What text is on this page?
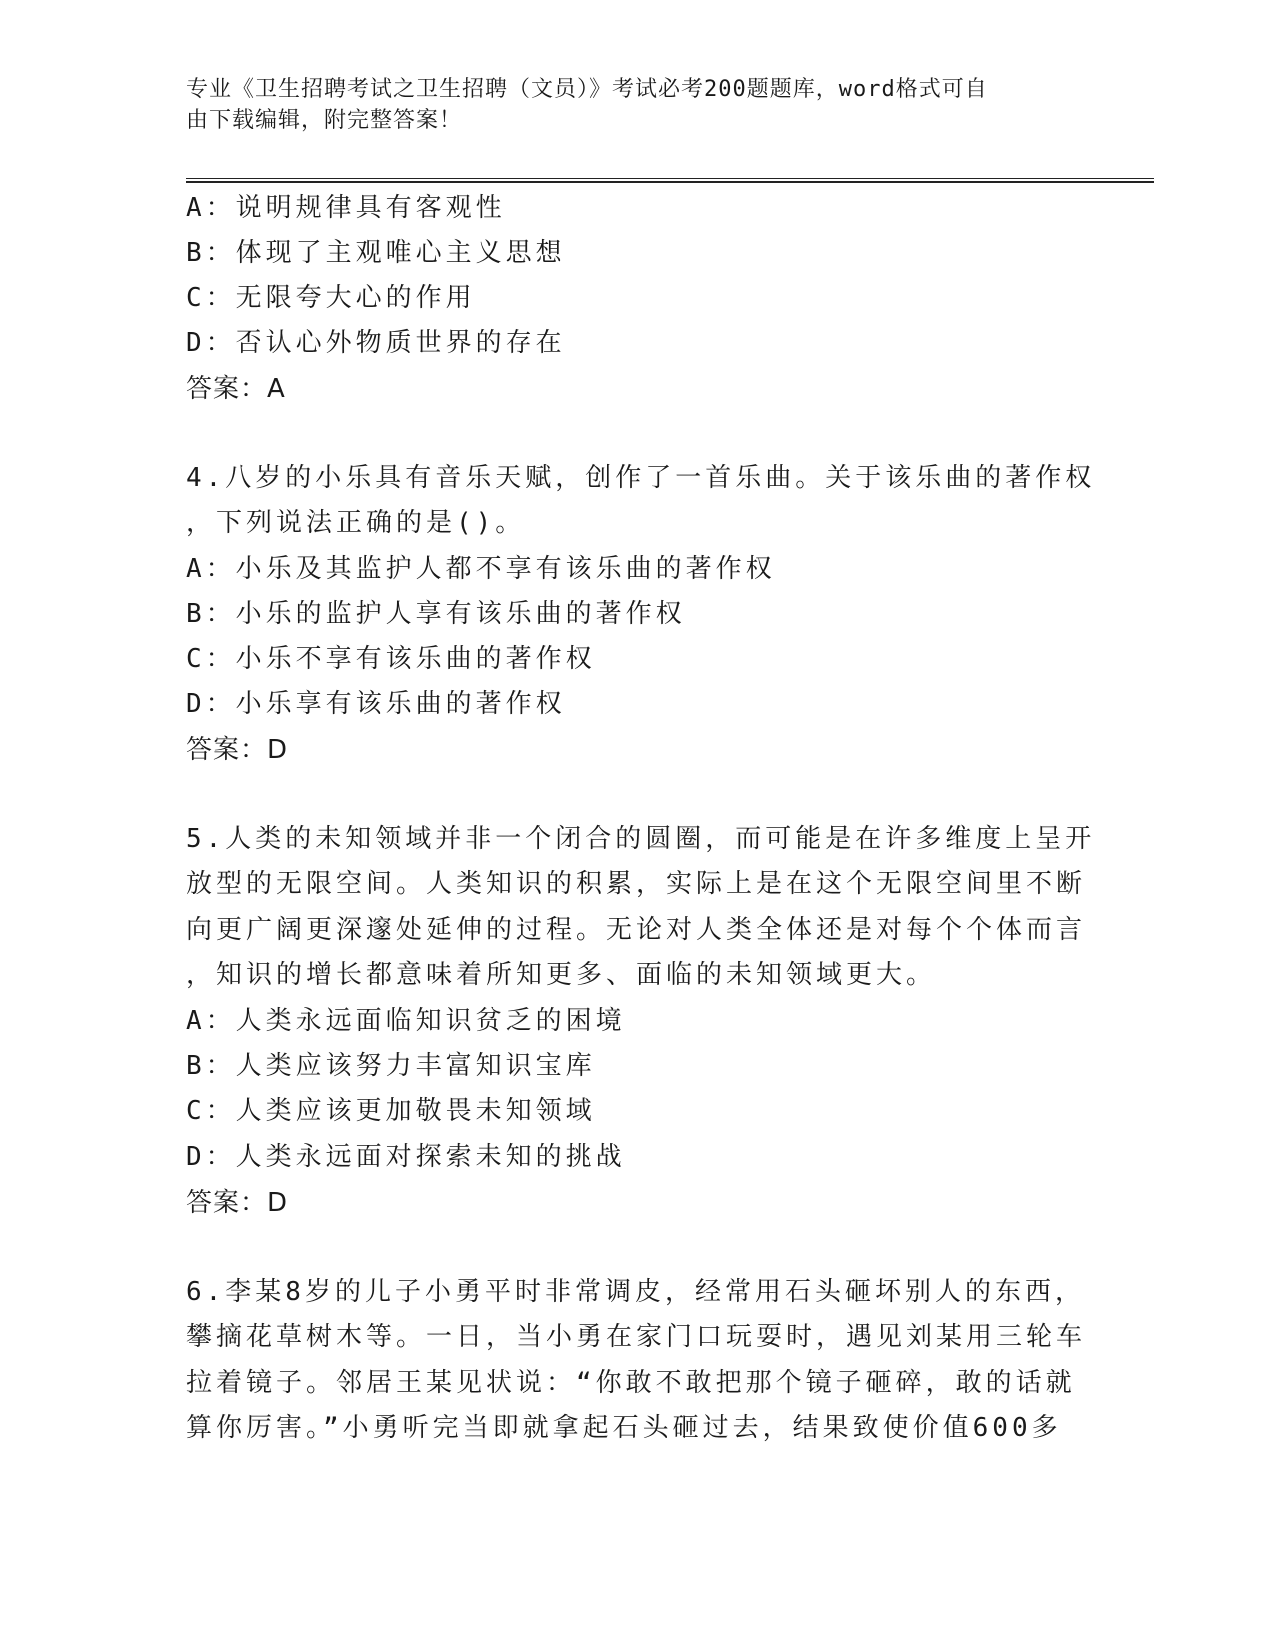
专业《卫生招聘考试之卫生招聘（文员）》考试必考200题题库，word格式可自
由下载编辑，附完整答案！
A：说明规律具有客观性
B：体现了主观唯心主义思想
C：无限夸大心的作用
D：否认心外物质世界的存在
答案：A
4.八岁的小乐具有音乐天赋，创作了一首乐曲。关于该乐曲的著作权
，下列说法正确的是()。
A：小乐及其监护人都不享有该乐曲的著作权
B：小乐的监护人享有该乐曲的著作权
C：小乐不享有该乐曲的著作权
D：小乐享有该乐曲的著作权
答案：D
5.人类的未知领域并非一个闭合的圆圈，而可能是在许多维度上呈开
放型的无限空间。人类知识的积累，实际上是在这个无限空间里不断
向更广阔更深邃处延伸的过程。无论对人类全体还是对每个个体而言
，知识的增长都意味着所知更多、面临的未知领域更大。
A：人类永远面临知识贫乏的困境
B：人类应该努力丰富知识宝库
C：人类应该更加敬畏未知领域
D：人类永远面对探索未知的挑战
答案：D
6.李某8岁的儿子小勇平时非常调皮，经常用石头砸坏别人的东西，
攀摘花草树木等。一日，当小勇在家门口玩耍时，遇见刘某用三轮车
拉着镜子。邻居王某见状说：“你敢不敢把那个镜子砸碎，敢的话就
算你厉害。”小勇听完当即就拿起石头砸过去，结果致使价值600多
